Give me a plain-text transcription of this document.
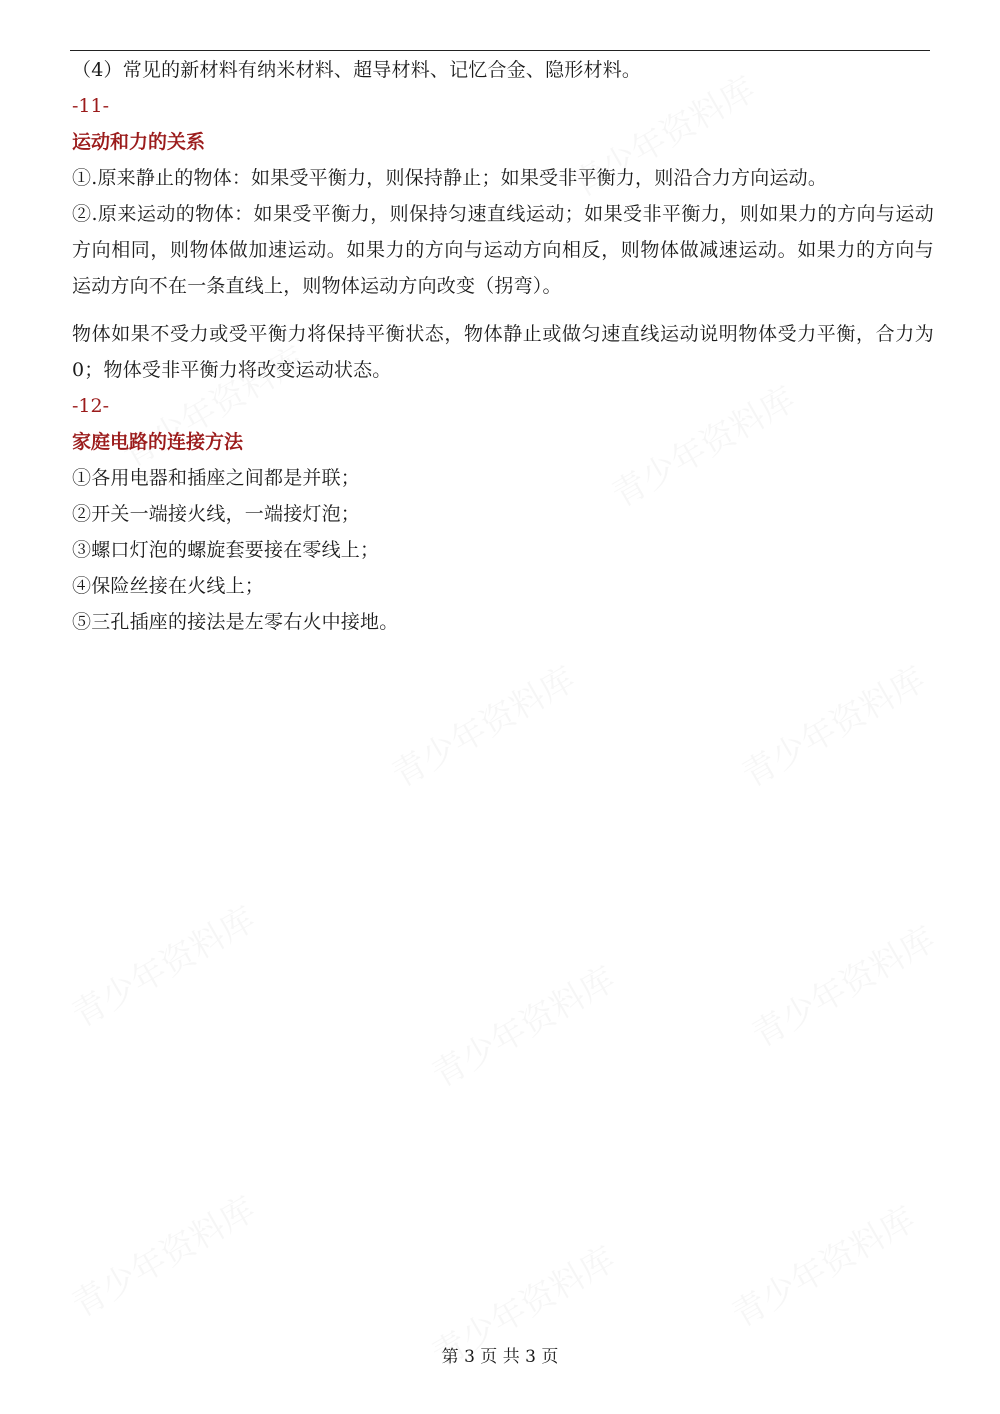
（4）常见的新材料有纳米材料、超导材料、记忆合金、隐形材料。
-11-
运动和力的关系
①.原来静止的物体：如果受平衡力，则保持静止；如果受非平衡力，则沿合力方向运动。
②.原来运动的物体：如果受平衡力，则保持匀速直线运动；如果受非平衡力，则如果力的方向与运动方向相同，则物体做加速运动。如果力的方向与运动方向相反，则物体做减速运动。如果力的方向与运动方向不在一条直线上，则物体运动方向改变（拐弯）。
物体如果不受力或受平衡力将保持平衡状态，物体静止或做匀速直线运动说明物体受力平衡，合力为0；物体受非平衡力将改变运动状态。
-12-
家庭电路的连接方法
①各用电器和插座之间都是并联；
②开关一端接火线，一端接灯泡；
③螺口灯泡的螺旋套要接在零线上；
④保险丝接在火线上；
⑤三孔插座的接法是左零右火中接地。
第 3 页 共 3 页
